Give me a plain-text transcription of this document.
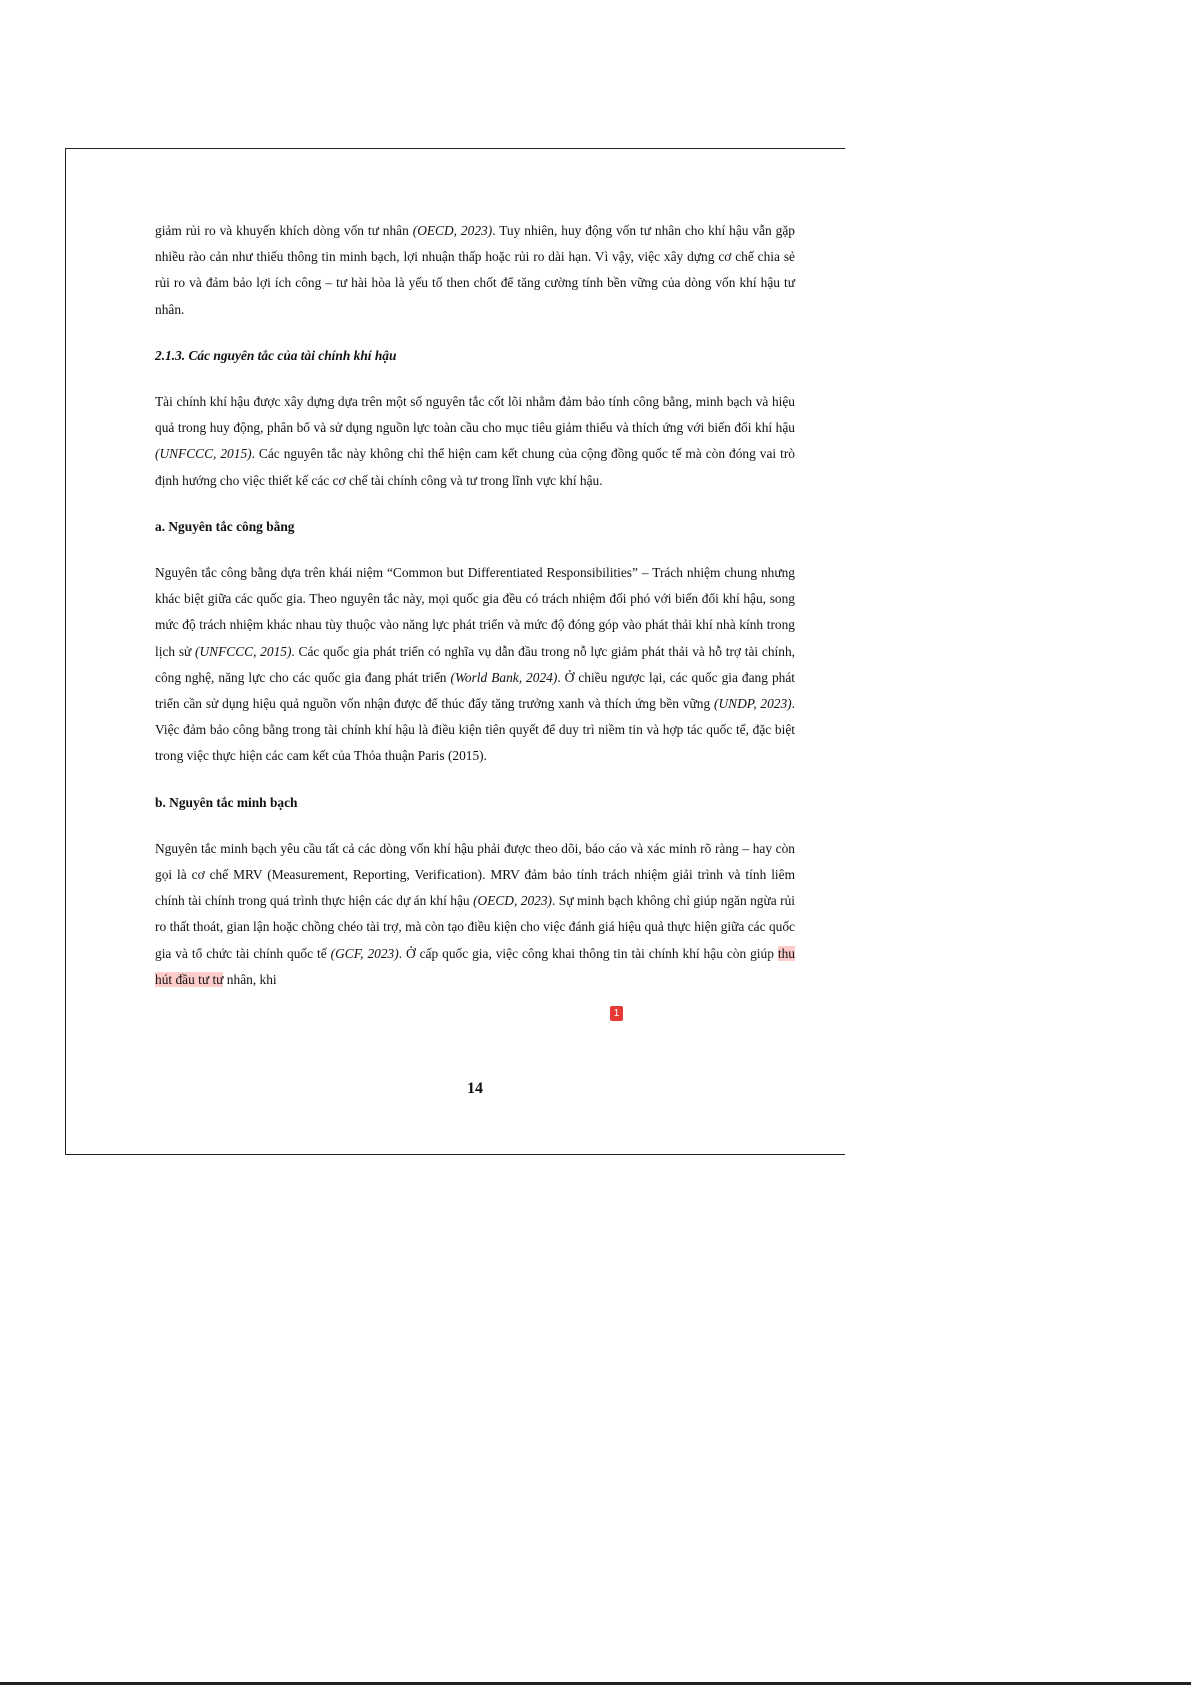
giảm rủi ro và khuyến khích dòng vốn tư nhân (OECD, 2023). Tuy nhiên, huy động vốn tư nhân cho khí hậu vẫn gặp nhiều rào cản như thiếu thông tin minh bạch, lợi nhuận thấp hoặc rủi ro dài hạn. Vì vậy, việc xây dựng cơ chế chia sẻ rủi ro và đảm bảo lợi ích công – tư hài hòa là yếu tố then chốt để tăng cường tính bền vững của dòng vốn khí hậu tư nhân.

2.1.3. Các nguyên tắc của tài chính khí hậu

Tài chính khí hậu được xây dựng dựa trên một số nguyên tắc cốt lõi nhằm đảm bảo tính công bằng, minh bạch và hiệu quả trong huy động, phân bổ và sử dụng nguồn lực toàn cầu cho mục tiêu giảm thiểu và thích ứng với biến đổi khí hậu (UNFCCC, 2015). Các nguyên tắc này không chỉ thể hiện cam kết chung của cộng đồng quốc tế mà còn đóng vai trò định hướng cho việc thiết kế các cơ chế tài chính công và tư trong lĩnh vực khí hậu.

a. Nguyên tắc công bằng

Nguyên tắc công bằng dựa trên khái niệm “Common but Differentiated Responsibilities” – Trách nhiệm chung nhưng khác biệt giữa các quốc gia. Theo nguyên tắc này, mọi quốc gia đều có trách nhiệm đối phó với biến đổi khí hậu, song mức độ trách nhiệm khác nhau tùy thuộc vào năng lực phát triển và mức độ đóng góp vào phát thải khí nhà kính trong lịch sử (UNFCCC, 2015). Các quốc gia phát triển có nghĩa vụ dẫn đầu trong nỗ lực giảm phát thải và hỗ trợ tài chính, công nghệ, năng lực cho các quốc gia đang phát triển (World Bank, 2024). Ở chiều ngược lại, các quốc gia đang phát triển cần sử dụng hiệu quả nguồn vốn nhận được để thúc đẩy tăng trưởng xanh và thích ứng bền vững (UNDP, 2023). Việc đảm bảo công bằng trong tài chính khí hậu là điều kiện tiên quyết để duy trì niềm tin và hợp tác quốc tế, đặc biệt trong việc thực hiện các cam kết của Thỏa thuận Paris (2015).

b. Nguyên tắc minh bạch

Nguyên tắc minh bạch yêu cầu tất cả các dòng vốn khí hậu phải được theo dõi, báo cáo và xác minh rõ ràng – hay còn gọi là cơ chế MRV (Measurement, Reporting, Verification). MRV đảm bảo tính trách nhiệm giải trình và tính liêm chính tài chính trong quá trình thực hiện các dự án khí hậu (OECD, 2023). Sự minh bạch không chỉ giúp ngăn ngừa rủi ro thất thoát, gian lận hoặc chồng chéo tài trợ, mà còn tạo điều kiện cho việc đánh giá hiệu quả thực hiện giữa các quốc gia và tổ chức tài chính quốc tế (GCF, 2023). Ở cấp quốc gia, việc công khai thông tin tài chính khí hậu còn giúp thu hút đầu tư tư nhân, khi

1
14
